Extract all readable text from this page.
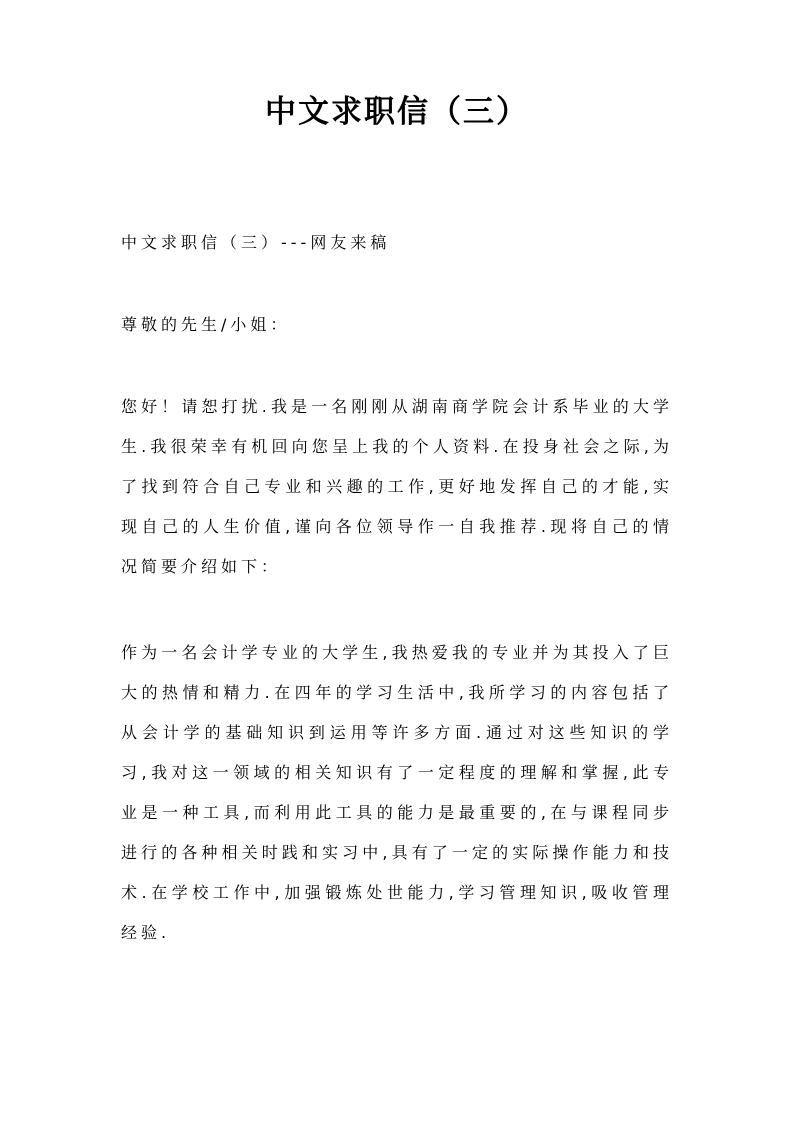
中文求职信（三）

中文求职信（三）---网友来稿

尊敬的先生/小姐：

您好！请恕打扰.我是一名刚刚从湖南商学院会计系毕业的大学生.我很荣幸有机回向您呈上我的个人资料.在投身社会之际,为了找到符合自己专业和兴趣的工作,更好地发挥自己的才能,实现自己的人生价值,谨向各位领导作一自我推荐.现将自己的情况简要介绍如下：

作为一名会计学专业的大学生,我热爱我的专业并为其投入了巨大的热情和精力.在四年的学习生活中,我所学习的内容包括了从会计学的基础知识到运用等许多方面.通过对这些知识的学习,我对这一领域的相关知识有了一定程度的理解和掌握,此专业是一种工具,而利用此工具的能力是最重要的,在与课程同步进行的各种相关时践和实习中,具有了一定的实际操作能力和技术.在学校工作中,加强锻炼处世能力,学习管理知识,吸收管理经验.
